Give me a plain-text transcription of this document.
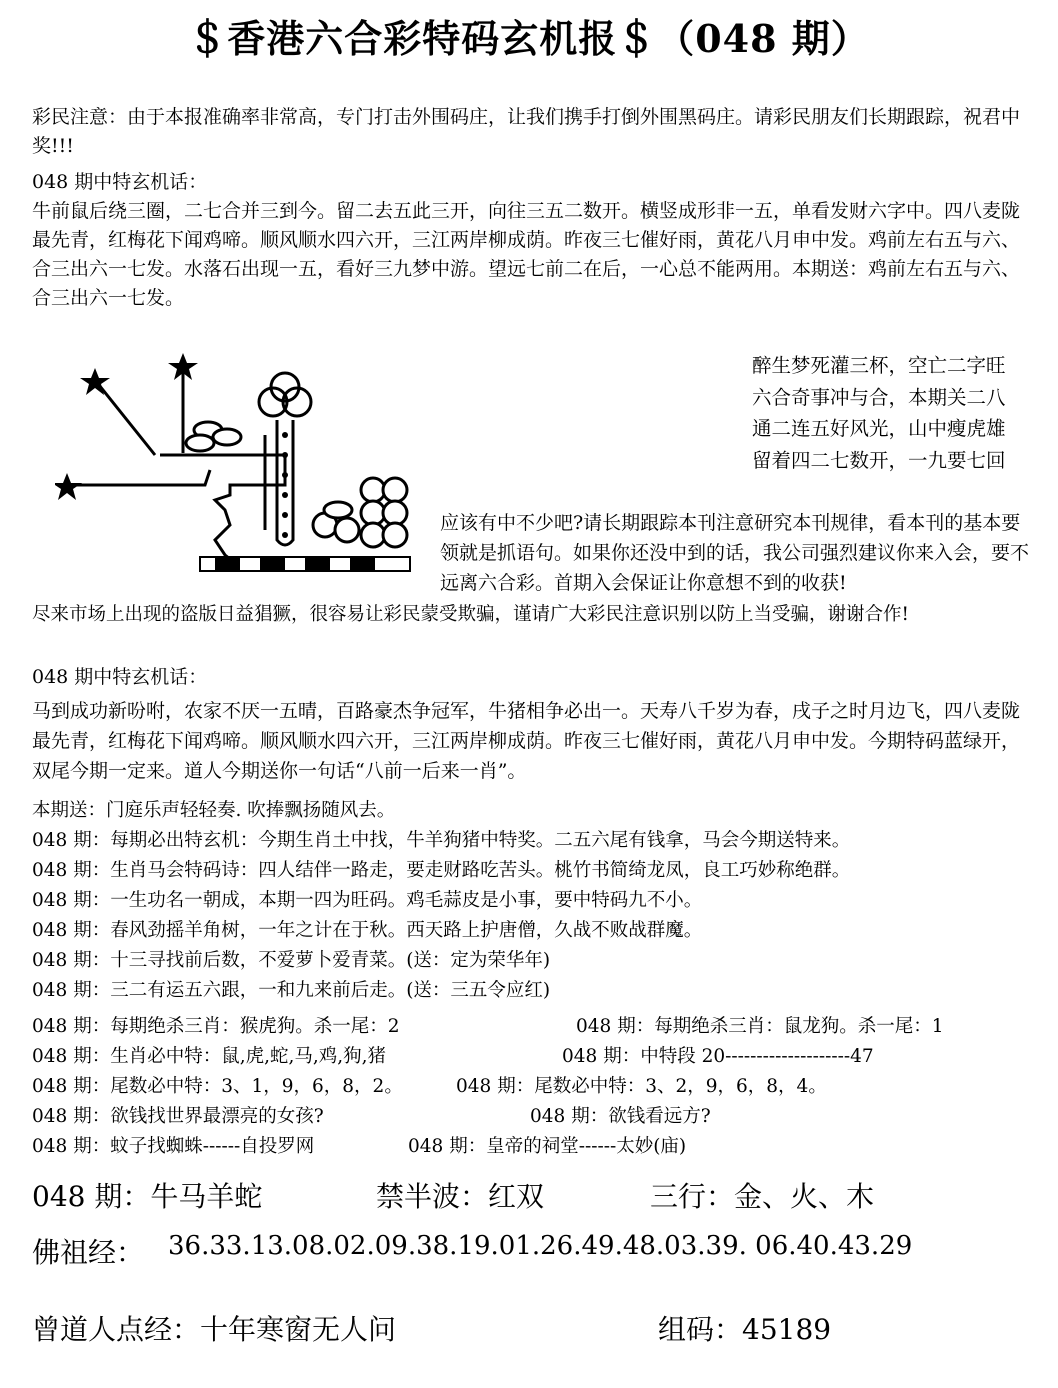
＄香港六合彩特码玄机报＄（048 期）
彩民注意：由于本报准确率非常高，专门打击外围码庄，让我们携手打倒外围黑码庄。请彩民朋友们长期跟踪，祝君中奖!!!
048 期中特玄机话：
牛前鼠后绕三圈，二七合并三到今。留二去五此三开，向往三五二数开。横竖成形非一五，单看发财六字中。四八麦陇最先青，红梅花下闻鸡啼。顺风顺水四六开，三江两岸柳成荫。昨夜三七催好雨，黄花八月申中发。鸡前左右五与六、合三出六一七发。水落石出现一五，看好三九梦中游。望远七前二在后，一心总不能两用。本期送：鸡前左右五与六、合三出六一七发。
醉生梦死灌三杯，空亡二字旺
六合奇事冲与合，本期关二八
通二连五好风光，山中瘦虎雄
留着四二七数开，一九要七回
应该有中不少吧?请长期跟踪本刊注意研究本刊规律，看本刊的基本要领就是抓语句。如果你还没中到的话，我公司强烈建议你来入会，要不远离六合彩。首期入会保证让你意想不到的收获!
尽来市场上出现的盗版日益猖獗，很容易让彩民蒙受欺骗，谨请广大彩民注意识别以防上当受骗，谢谢合作!
048 期中特玄机话：
马到成功新吩咐，农家不厌一五晴，百路豪杰争冠军，牛猪相争必出一。天寿八千岁为春，戌子之时月边飞，四八麦陇最先青，红梅花下闻鸡啼。顺风顺水四六开，三江两岸柳成荫。昨夜三七催好雨，黄花八月申中发。今期特码蓝绿开，双尾今期一定来。道人今期送你一句话“八前一后来一肖”。
本期送：门庭乐声轻轻奏. 吹捧飘扬随风去。
048 期：每期必出特玄机：今期生肖土中找，牛羊狗猪中特奖。二五六尾有钱拿，马会今期送特来。
048 期：生肖马会特码诗：四人结伴一路走，要走财路吃苦头。桃竹书简绮龙凤，良工巧妙称绝群。
048 期：一生功名一朝成，本期一四为旺码。鸡毛蒜皮是小事，要中特码九不小。
048 期：春风劲摇羊角树，一年之计在于秋。西天路上护唐僧，久战不败战群魔。
048 期：十三寻找前后数，不爱萝卜爱青菜。(送：定为荣华年)
048 期：三二有运五六跟，一和九来前后走。(送：三五令应红)
048 期：每期绝杀三肖：猴虎狗。杀一尾：2	048 期：每期绝杀三肖：鼠龙狗。杀一尾：1
048 期：生肖必中特：鼠,虎,蛇,马,鸡,狗,猪	048 期：中特段 20--------------------47
048 期：尾数必中特：3、1，9，6，8，2。	048 期：尾数必中特：3、2，9，6，8，4。
048 期：欲钱找世界最漂亮的女孩?	048 期：欲钱看远方?
048 期：蚊子找蜘蛛------自投罗网	048 期：皇帝的祠堂------太妙(庙)
048 期：牛马羊蛇	禁半波：红双	三行：金、火、木
佛祖经： 36.33.13.08.02.09.38.19.01.26.49.48.03.39. 06.40.43.29
曾道人点经：十年寒窗无人问	组码：45189
